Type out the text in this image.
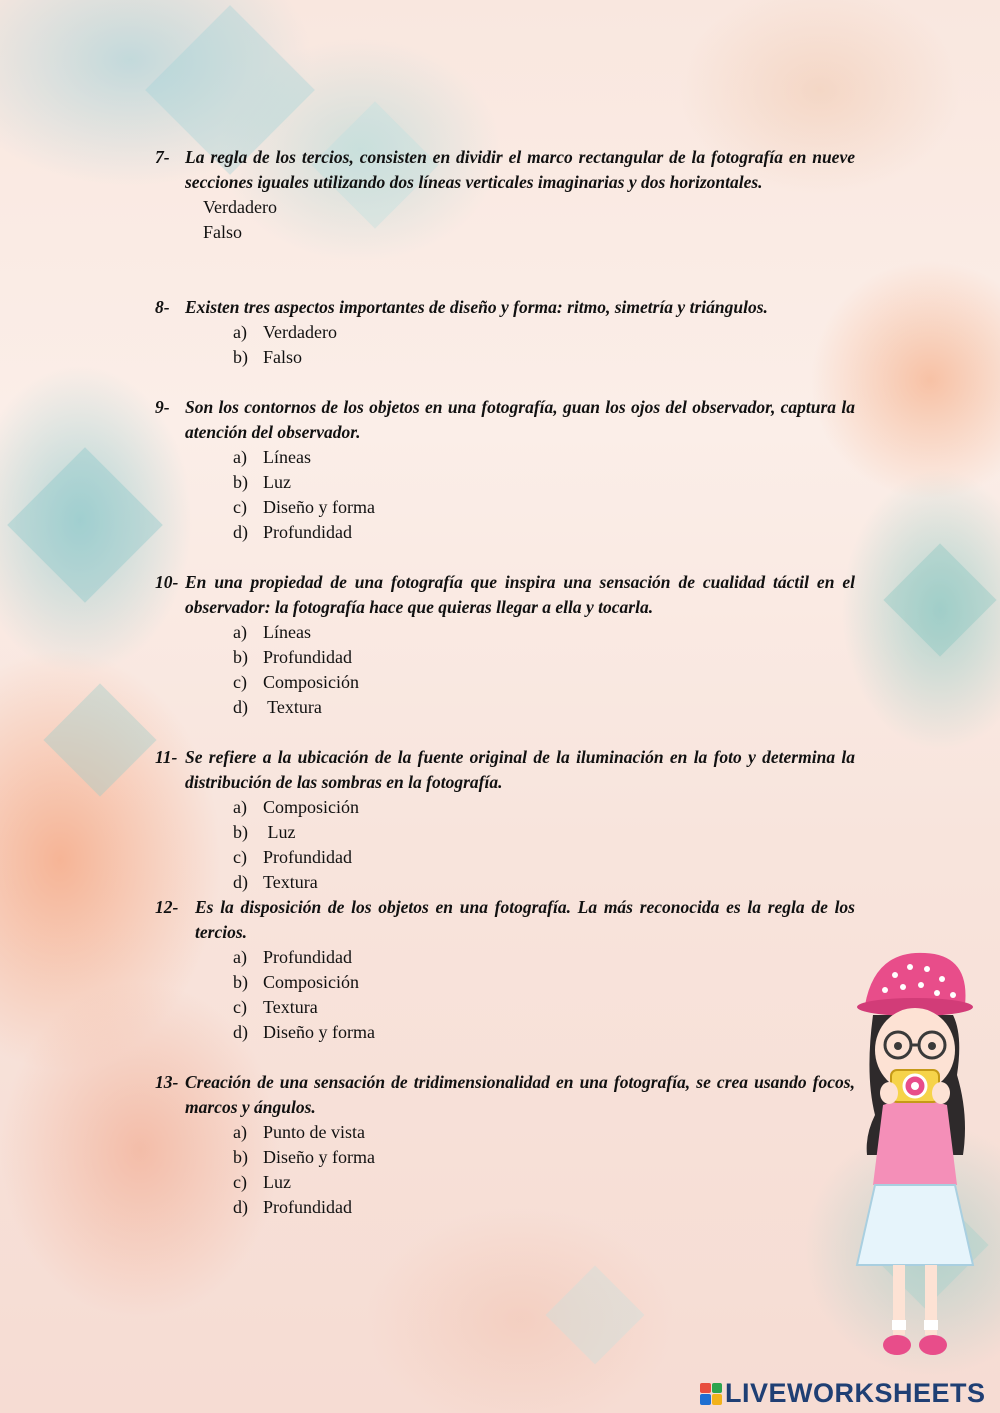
7- La regla de los tercios, consisten en dividir el marco rectangular de la fotografía en nueve secciones iguales utilizando dos líneas verticales imaginarias y dos horizontales.
Verdadero
Falso
8- Existen tres aspectos importantes de diseño y forma: ritmo, simetría y triángulos.
a) Verdadero
b) Falso
9- Son los contornos de los objetos en una fotografía, guan los ojos del observador, captura la atención del observador.
a) Líneas
b) Luz
c) Diseño y forma
d) Profundidad
10- En una propiedad de una fotografía que inspira una sensación de cualidad táctil en el observador: la fotografía hace que quieras llegar a ella y tocarla.
a) Líneas
b) Profundidad
c) Composición
d) Textura
11- Se refiere a la ubicación de la fuente original de la iluminación en la foto y determina la distribución de las sombras en la fotografía.
a) Composición
b) Luz
c) Profundidad
d) Textura
12- Es la disposición de los objetos en una fotografía. La más reconocida es la regla de los tercios.
a) Profundidad
b) Composición
c) Textura
d) Diseño y forma
13- Creación de una sensación de tridimensionalidad en una fotografía, se crea usando focos, marcos y ángulos.
a) Punto de vista
b) Diseño y forma
c) Luz
d) Profundidad
LIVEWORKSHEETS
